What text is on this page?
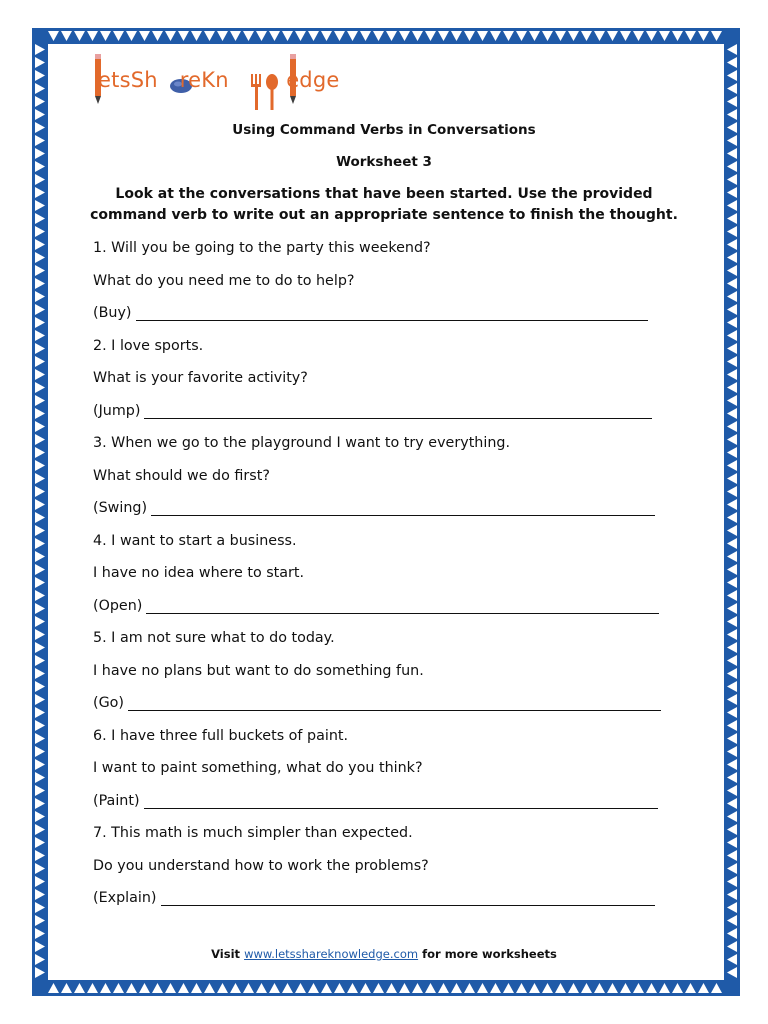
etsSh reKn	edge
Using Command Verbs in Conversations
Worksheet 3
Look at the conversations that have been started. Use the provided command verb to write out an appropriate sentence to finish the thought.
1. Will you be going to the party this weekend?
What do you need me to do to help?
(Buy)
2. I love sports.
What is your favorite activity?
(Jump)
3. When we go to the playground I want to try everything.
What should we do first?
(Swing)
4. I want to start a business.
I have no idea where to start.
(Open)
5. I am not sure what to do today.
I have no plans but want to do something fun.
(Go)
6. I have three full buckets of paint.
I want to paint something, what do you think?
(Paint)
7. This math is much simpler than expected.
Do you understand how to work the problems?
(Explain)
Visit www.letsshareknowledge.com for more worksheets
